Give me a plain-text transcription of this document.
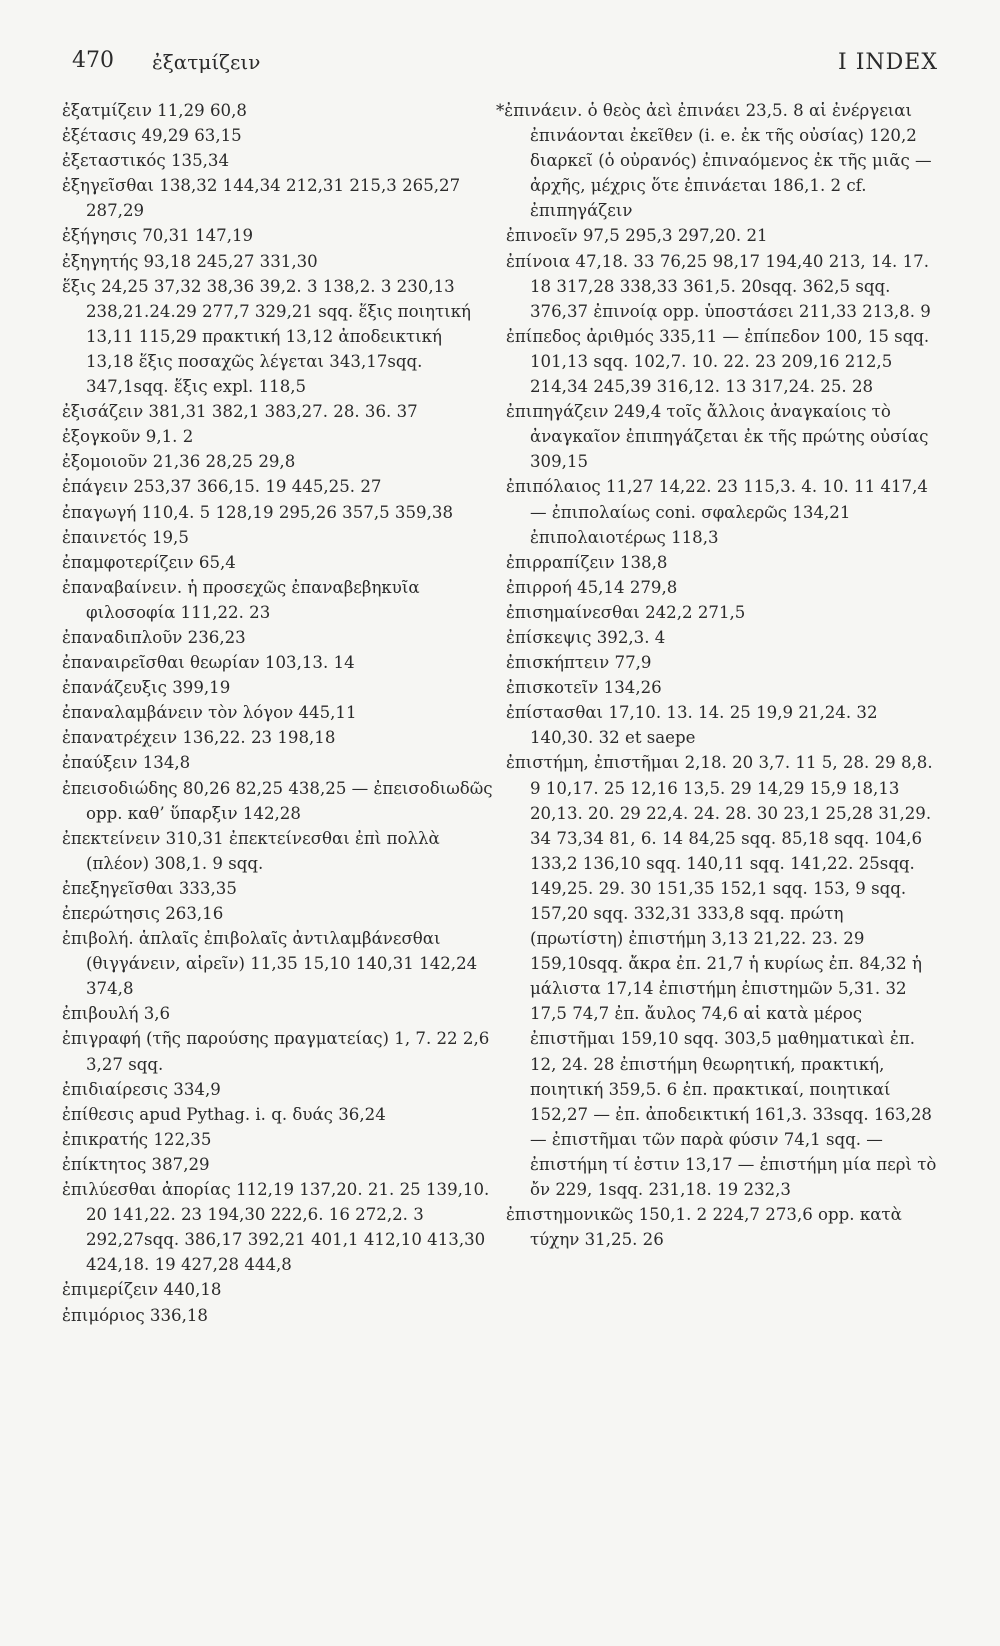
470 ἐξατμίζειν	I INDEX
ἐξατμίζειν 11,29 60,8
ἐξέτασις 49,29 63,15
ἐξεταστικός 135,34
ἐξηγεῖσθαι 138,32 144,34 212,31 215,3 265,27 287,29
ἐξήγησις 70,31 147,19
ἐξηγητής 93,18 245,27 331,30
ἕξις 24,25 37,32 38,36 39,2. 3 138,2. 3 230,13 238,21.24.29 277,7 329,21 sqq. ἕξις ποιητική 13,11 115,29 πρακτική 13,12 ἀποδεικτική 13,18 ἕξις ποσαχῶς λέγεται 343,17sqq. 347,1sqq. ἕξις expl. 118,5
ἐξισάζειν 381,31 382,1 383,27. 28. 36. 37
ἐξογκοῦν 9,1. 2
ἐξομοιοῦν 21,36 28,25 29,8
ἐπάγειν 253,37 366,15. 19 445,25. 27
ἐπαγωγή 110,4. 5 128,19 295,26 357,5 359,38
ἐπαινετός 19,5
ἐπαμφοτερίζειν 65,4
ἐπαναβαίνειν. ἡ προσεχῶς ἐπαναβεβηκυῖα φιλοσοφία 111,22. 23
ἐπαναδιπλοῦν 236,23
ἐπαναιρεῖσθαι θεωρίαν 103,13. 14
ἐπανάζευξις 399,19
ἐπαναλαμβάνειν τὸν λόγον 445,11
ἐπανατρέχειν 136,22. 23 198,18
ἐπαύξειν 134,8
ἐπεισοδιώδης 80,26 82,25 438,25 — ἐπεισοδιωδῶς opp. καθ’ ὕπαρξιν 142,28
ἐπεκτείνειν 310,31 ἐπεκτείνεσθαι ἐπὶ πολλὰ (πλέον) 308,1. 9 sqq.
ἐπεξηγεῖσθαι 333,35
ἐπερώτησις 263,16
ἐπιβολή. ἁπλαῖς ἐπιβολαῖς ἀντιλαμβάνεσθαι (θιγγάνειν, αἱρεῖν) 11,35 15,10 140,31 142,24 374,8
ἐπιβουλή 3,6
ἐπιγραφή (τῆς παρούσης πραγματείας) 1, 7. 22 2,6 3,27 sqq.
ἐπιδιαίρεσις 334,9
ἐπίθεσις apud Pythag. i. q. δυάς 36,24
ἐπικρατής 122,35
ἐπίκτητος 387,29
ἐπιλύεσθαι ἀπορίας 112,19 137,20. 21. 25 139,10. 20 141,22. 23 194,30 222,6. 16 272,2. 3 292,27sqq. 386,17 392,21 401,1 412,10 413,30 424,18. 19 427,28 444,8
ἐπιμερίζειν 440,18
ἐπιμόριος 336,18
*ἐπινάειν. ὁ θεὸς ἀεὶ ἐπινάει 23,5. 8 αἱ ἐνέργειαι ἐπινάονται ἐκεῖθεν (i. e. ἐκ τῆς οὐσίας) 120,2 διαρκεῖ (ὁ οὐρανός) ἐπιναόμενος ἐκ τῆς μιᾶς — ἀρχῆς, μέχρις ὅτε ἐπινάεται 186,1. 2 cf. ἐπιπηγάζειν
ἐπινοεῖν 97,5 295,3 297,20. 21
ἐπίνοια 47,18. 33 76,25 98,17 194,40 213, 14. 17. 18 317,28 338,33 361,5. 20sqq. 362,5 sqq. 376,37 ἐπινοίᾳ opp. ὑποστάσει 211,33 213,8. 9
ἐπίπεδος ἀριθμός 335,11 — ἐπίπεδον 100, 15 sqq. 101,13 sqq. 102,7. 10. 22. 23 209,16 212,5 214,34 245,39 316,12. 13 317,24. 25. 28
ἐπιπηγάζειν 249,4 τοῖς ἄλλοις ἀναγκαίοις τὸ ἀναγκαῖον ἐπιπηγάζεται ἐκ τῆς πρώτης οὐσίας 309,15
ἐπιπόλαιος 11,27 14,22. 23 115,3. 4. 10. 11 417,4 — ἐπιπολαίως coni. σφαλερῶς 134,21 ἐπιπολαιοτέρως 118,3
ἐπιρραπίζειν 138,8
ἐπιρροή 45,14 279,8
ἐπισημαίνεσθαι 242,2 271,5
ἐπίσκεψις 392,3. 4
ἐπισκήπτειν 77,9
ἐπισκοτεῖν 134,26
ἐπίστασθαι 17,10. 13. 14. 25 19,9 21,24. 32 140,30. 32 et saepe
ἐπιστήμη, ἐπιστῆμαι 2,18. 20 3,7. 11 5, 28. 29 8,8. 9 10,17. 25 12,16 13,5. 29 14,29 15,9 18,13 20,13. 20. 29 22,4. 24. 28. 30 23,1 25,28 31,29. 34 73,34 81, 6. 14 84,25 sqq. 85,18 sqq. 104,6 133,2 136,10 sqq. 140,11 sqq. 141,22. 25sqq. 149,25. 29. 30 151,35 152,1 sqq. 153, 9 sqq. 157,20 sqq. 332,31 333,8 sqq. πρώτη (πρωτίστη) ἐπιστήμη 3,13 21,22. 23. 29 159,10sqq. ἄκρα ἐπ. 21,7 ἡ κυρίως ἐπ. 84,32 ἡ μάλιστα 17,14 ἐπιστήμη ἐπιστημῶν 5,31. 32 17,5 74,7 ἐπ. ἄυλος 74,6 αἱ κατὰ μέρος ἐπιστῆμαι 159,10 sqq. 303,5 μαθηματικαὶ ἐπ. 12, 24. 28 ἐπιστήμη θεωρητική, πρακτική, ποιητική 359,5. 6 ἐπ. πρακτικαί, ποιητικαί 152,27 — ἐπ. ἀποδεικτική 161,3. 33sqq. 163,28 — ἐπιστῆμαι τῶν παρὰ φύσιν 74,1 sqq. — ἐπιστήμη τί ἐστιν 13,17 — ἐπιστήμη μία περὶ τὸ ὄν 229, 1sqq. 231,18. 19 232,3
ἐπιστημονικῶς 150,1. 2 224,7 273,6 opp. κατὰ τύχην 31,25. 26
